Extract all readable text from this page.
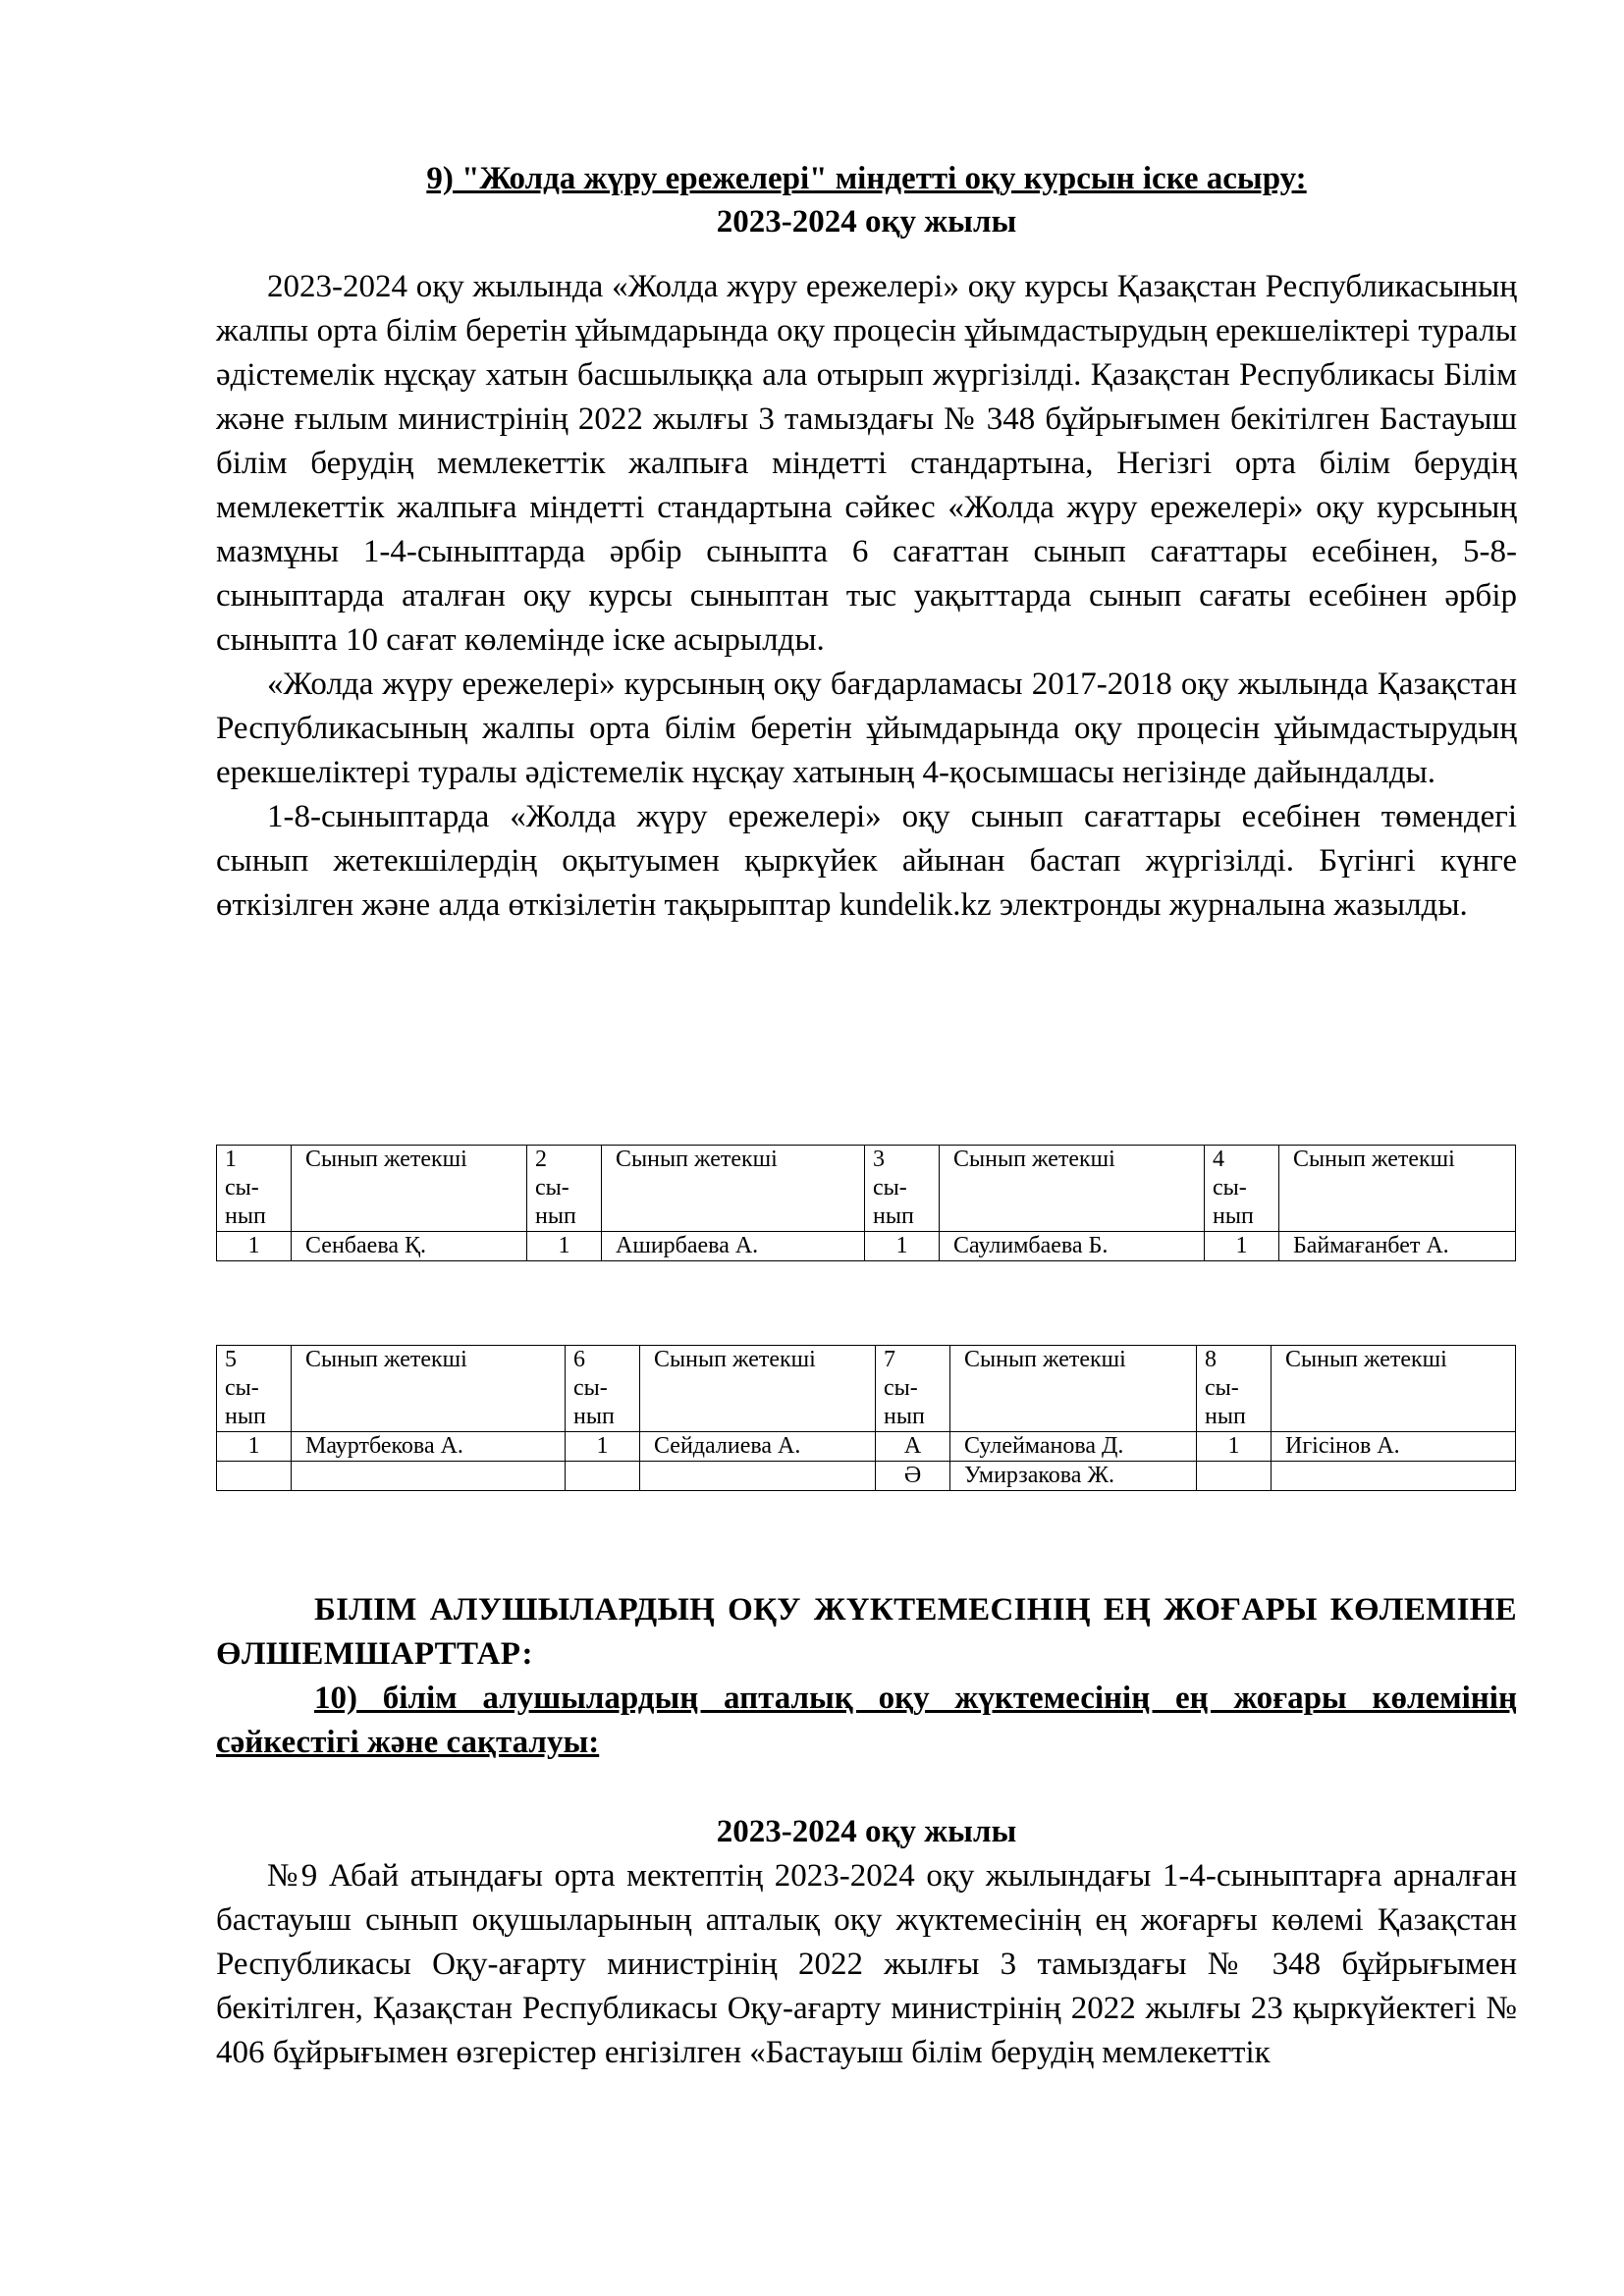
9) "Жолда жүру ережелері" міндетті оқу курсын іске асыру:
2023-2024 оқу жылы

2023-2024 оқу жылында «Жолда жүру ережелері» оқу курсы Қазақстан Республикасының жалпы орта білім беретін ұйымдарында оқу процесін ұйымдастырудың ерекшеліктері туралы әдістемелік нұсқау хатын басшылыққа ала отырып жүргізілді. Қазақстан Республикасы Білім және ғылым министрінің 2022 жылғы 3 тамыздағы № 348 бұйрығымен бекітілген Бастауыш білім берудің мемлекеттік жалпыға міндетті стандартына, Негізгі орта білім берудің мемлекеттік жалпыға міндетті стандартына сәйкес «Жолда жүру ережелері» оқу курсының мазмұны 1-4-сыныптарда әрбір сыныпта 6 сағаттан сынып сағаттары есебінен, 5-8-сыныптарда аталған оқу курсы сыныптан тыс уақыттарда сынып сағаты есебінен әрбір сыныпта 10 сағат көлемінде іске асырылды.

«Жолда жүру ережелері» курсының оқу бағдарламасы 2017-2018 оқу жылында Қазақстан Республикасының жалпы орта білім беретін ұйымдарында оқу процесін ұйымдастырудың ерекшеліктері туралы әдістемелік нұсқау хатының 4-қосымшасы негізінде дайындалды.

1-8-сыныптарда «Жолда жүру ережелері» оқу сынып сағаттары есебінен төмендегі сынып жетекшілердің оқытуымен қыркүйек айынан бастап жүргізілді. Бүгінгі күнге өткізілген және алда өткізілетін тақырыптар kundelik.kz электронды журналына жазылды.

1
сы-
нып	Сынып жетекші	2
сы-
нып	Сынып жетекші	3
сы-
нып	Сынып жетекші	4
сы-
нып	Сынып жетекші
1	Сенбаева Қ.	1	Аширбаева А.	1	Саулимбаева Б.	1	Баймағанбет А.
5
сы-
нып	Сынып жетекші	6
сы-
нып	Сынып жетекші	7
сы-
нып	Сынып жетекші	8
сы-
нып	Сынып жетекші
1	Мауртбекова А.	1	Сейдалиева А.	А	Сулейманова Д.	1	Игісінов А.
				Ә	Умирзакова Ж.		

БІЛІМ АЛУШЫЛАРДЫҢ ОҚУ ЖҮКТЕМЕСІНІҢ ЕҢ ЖОҒАРЫ КӨЛЕМІНЕ ӨЛШЕМШАРТТАР:

10) білім алушылардың апталық оқу жүктемесінің ең жоғары көлемінің сәйкестігі және сақталуы:

2023-2024 оқу жылы

№9 Абай атындағы орта мектептің 2023-2024 оқу жылындағы 1-4-сыныптарға арналған бастауыш сынып оқушыларының апталық оқу жүктемесінің ең жоғарғы көлемі Қазақстан Республикасы Оқу-ағарту министрінің 2022 жылғы 3 тамыздағы № 348 бұйрығымен бекітілген, Қазақстан Республикасы Оқу-ағарту министрінің 2022 жылғы 23 қыркүйектегі № 406 бұйрығымен өзгерістер енгізілген «Бастауыш білім берудің мемлекеттік
